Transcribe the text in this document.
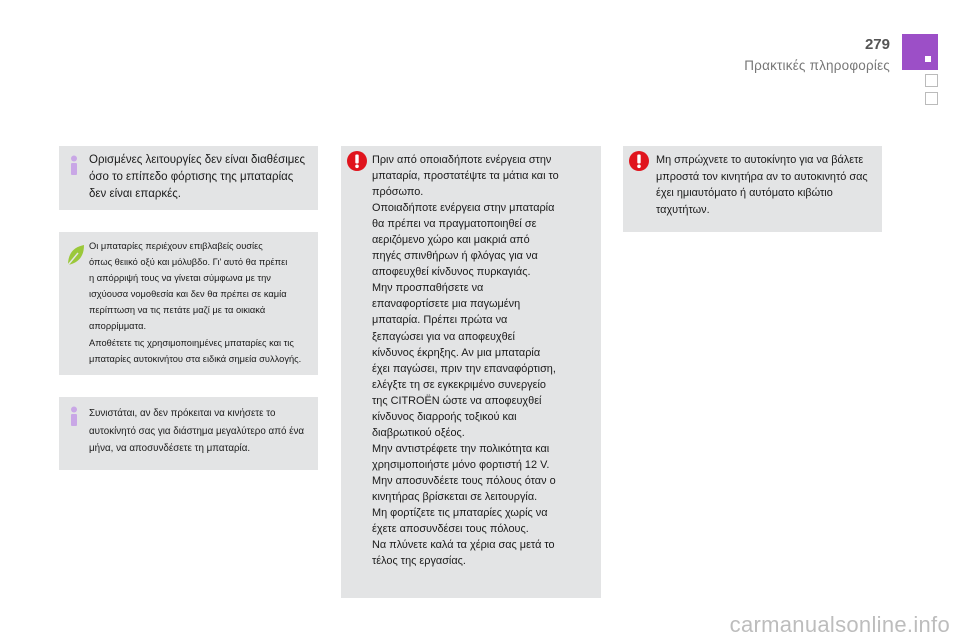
279
Πρακτικές πληροφορίες
Ορισμένες λειτουργίες δεν είναι διαθέσιμες όσο το επίπεδο φόρτισης της μπαταρίας δεν είναι επαρκές.

Οι μπαταρίες περιέχουν επιβλαβείς ουσίες

όπως θειικό οξύ και μόλυβδο. Γι' αυτό θα πρέπει

η απόρριψή τους να γίνεται σύμφωνα με την

ισχύουσα νομοθεσία και δεν θα πρέπει σε καμία

περίπτωση να τις πετάτε μαζί με τα οικιακά

απορρίμματα.

Αποθέτετε τις χρησιμοποιημένες μπαταρίες και τις

μπαταρίες αυτοκινήτου στα ειδικά σημεία συλλογής.

Συνιστάται, αν δεν πρόκειται να κινήσετε το αυτοκίνητό σας για διάστημα μεγαλύτερο από ένα μήνα, να αποσυνδέσετε τη μπαταρία.

Πριν από οποιαδήποτε ενέργεια στην

μπαταρία, προστατέψτε τα μάτια και το

πρόσωπο.

Οποιαδήποτε ενέργεια στην μπαταρία

θα πρέπει να πραγματοποιηθεί σε

αεριζόμενο χώρο και μακριά από

πηγές σπινθήρων ή φλόγας για να

αποφευχθεί κίνδυνος πυρκαγιάς.

Μην προσπαθήσετε να

επαναφορτίσετε μια παγωμένη

μπαταρία. Πρέπει πρώτα να

ξεπαγώσει για να αποφευχθεί

κίνδυνος έκρηξης. Αν μια μπαταρία

έχει παγώσει, πριν την επαναφόρτιση,

ελέγξτε τη σε εγκεκριμένο συνεργείο

της CITROËN ώστε να αποφευχθεί

κίνδυνος διαρροής τοξικού και

διαβρωτικού οξέος.

Μην αντιστρέφετε την πολικότητα και

χρησιμοποιήστε μόνο φορτιστή 12 V.

Μην αποσυνδέετε τους πόλους όταν ο

κινητήρας βρίσκεται σε λειτουργία.

Μη φορτίζετε τις μπαταρίες χωρίς να

έχετε αποσυνδέσει τους πόλους.

Να πλύνετε καλά τα χέρια σας μετά το

τέλος της εργασίας.

Μη σπρώχνετε το αυτοκίνητο για να βάλετε μπροστά τον κινητήρα αν το αυτοκινητό σας έχει ημιαυτόματο ή αυτόματο κιβώτιο ταχυτήτων.
carmanualsonline.info
